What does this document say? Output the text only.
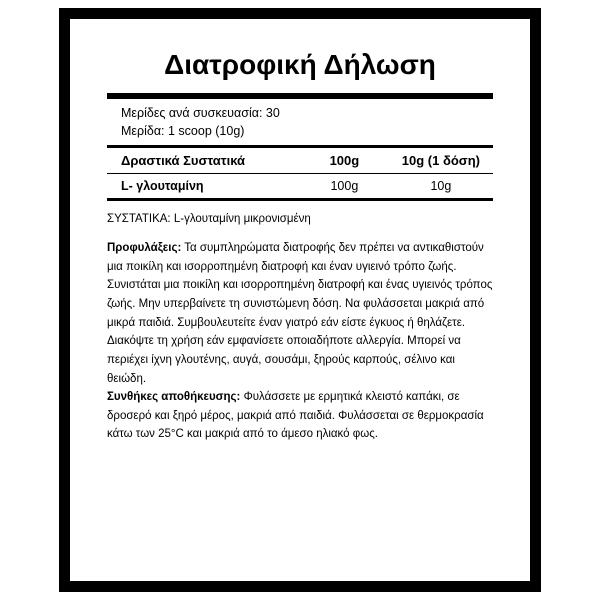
Διατροφική Δήλωση
Μερίδες ανά συσκευασία: 30
Μερίδα: 1 scoop (10g)
Δραστικά Συστατικά	100g	10g (1 δόση)
L- γλουταμίνη	100g	10g
ΣΥΣΤΑΤΙΚΑ: L-γλουταμίνη μικρονισμένη

Προφυλάξεις: Τα συμπληρώματα διατροφής δεν πρέπει να αντικαθιστούν μια ποικίλη και ισορροπημένη διατροφή και έναν υγιεινό τρόπο ζωής. Συνιστάται μια ποικίλη και ισορροπημένη διατροφή και ένας υγιεινός τρόπος ζωής. Μην υπερβαίνετε τη συνιστώμενη δόση. Να φυλάσσεται μακριά από μικρά παιδιά. Συμβουλευτείτε έναν γιατρό εάν είστε έγκυος ή θηλάζετε. Διακόψτε τη χρήση εάν εμφανίσετε οποιαδήποτε αλλεργία. Μπορεί να περιέχει ίχνη γλουτένης, αυγά, σουσάμι, ξηρούς καρπούς, σέλινο και θειώδη.

Συνθήκες αποθήκευσης: Φυλάσσετε με ερμητικά κλειστό καπάκι, σε δροσερό και ξηρό μέρος, μακριά από παιδιά. Φυλάσσεται σε θερμοκρασία κάτω των 25°C και μακριά από το άμεσο ηλιακό φως.
